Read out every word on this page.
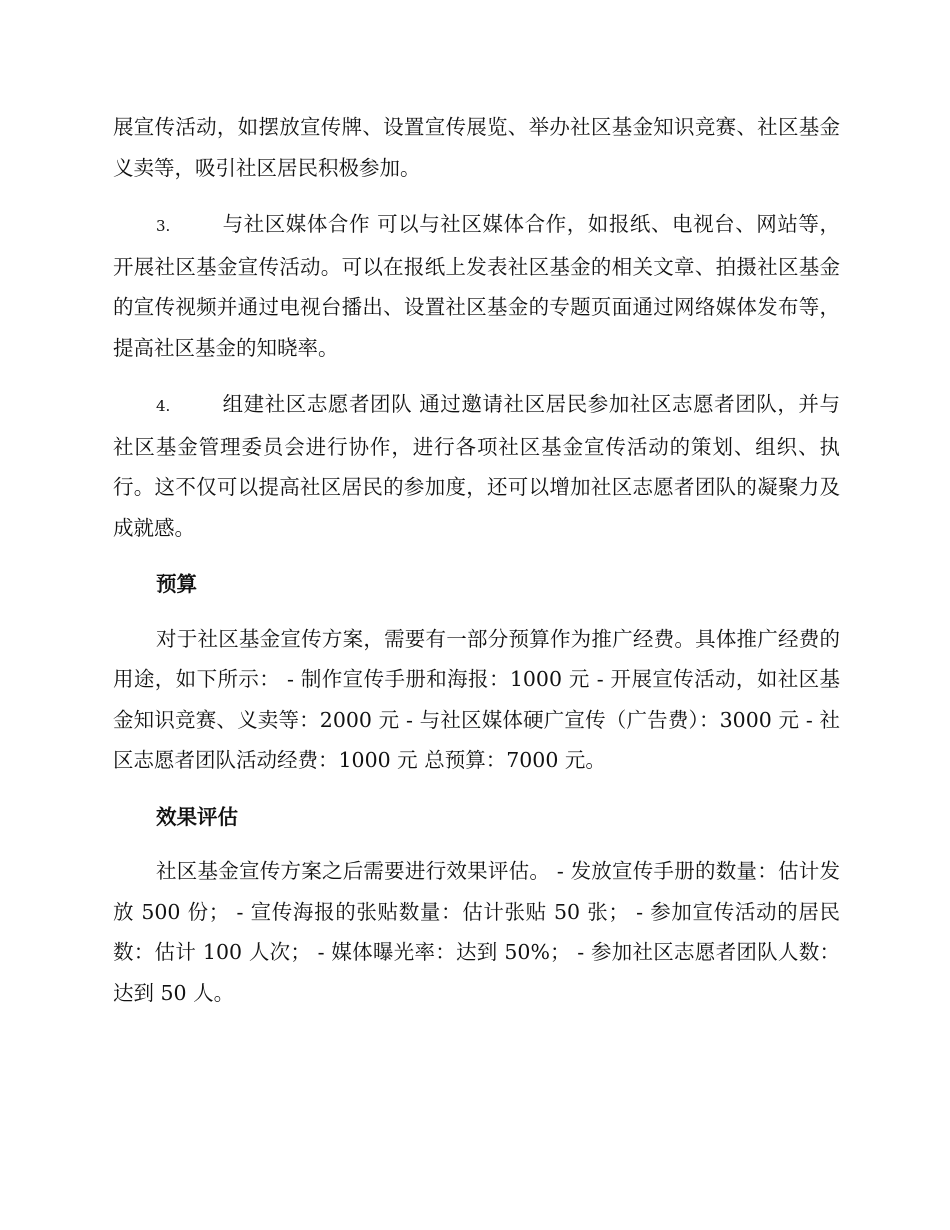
展宣传活动，如摆放宣传牌、设置宣传展览、举办社区基金知识竞赛、社区基金义卖等，吸引社区居民积极参加。

3.	与社区媒体合作 可以与社区媒体合作，如报纸、电视台、网站等，开展社区基金宣传活动。可以在报纸上发表社区基金的相关文章、拍摄社区基金的宣传视频并通过电视台播出、设置社区基金的专题页面通过网络媒体发布等，提高社区基金的知晓率。

4.	组建社区志愿者团队 通过邀请社区居民参加社区志愿者团队，并与社区基金管理委员会进行协作，进行各项社区基金宣传活动的策划、组织、执行。这不仅可以提高社区居民的参加度，还可以增加社区志愿者团队的凝聚力及成就感。

预算

对于社区基金宣传方案，需要有一部分预算作为推广经费。具体推广经费的用途，如下所示： - 制作宣传手册和海报：1000 元 - 开展宣传活动，如社区基金知识竞赛、义卖等：2000 元 - 与社区媒体硬广宣传（广告费）：3000 元 - 社区志愿者团队活动经费：1000 元 总预算：7000 元。

效果评估

社区基金宣传方案之后需要进行效果评估。 - 发放宣传手册的数量：估计发放 500 份； - 宣传海报的张贴数量：估计张贴 50 张； - 参加宣传活动的居民数：估计 100 人次； - 媒体曝光率：达到 50%； - 参加社区志愿者团队人数：达到 50 人。
